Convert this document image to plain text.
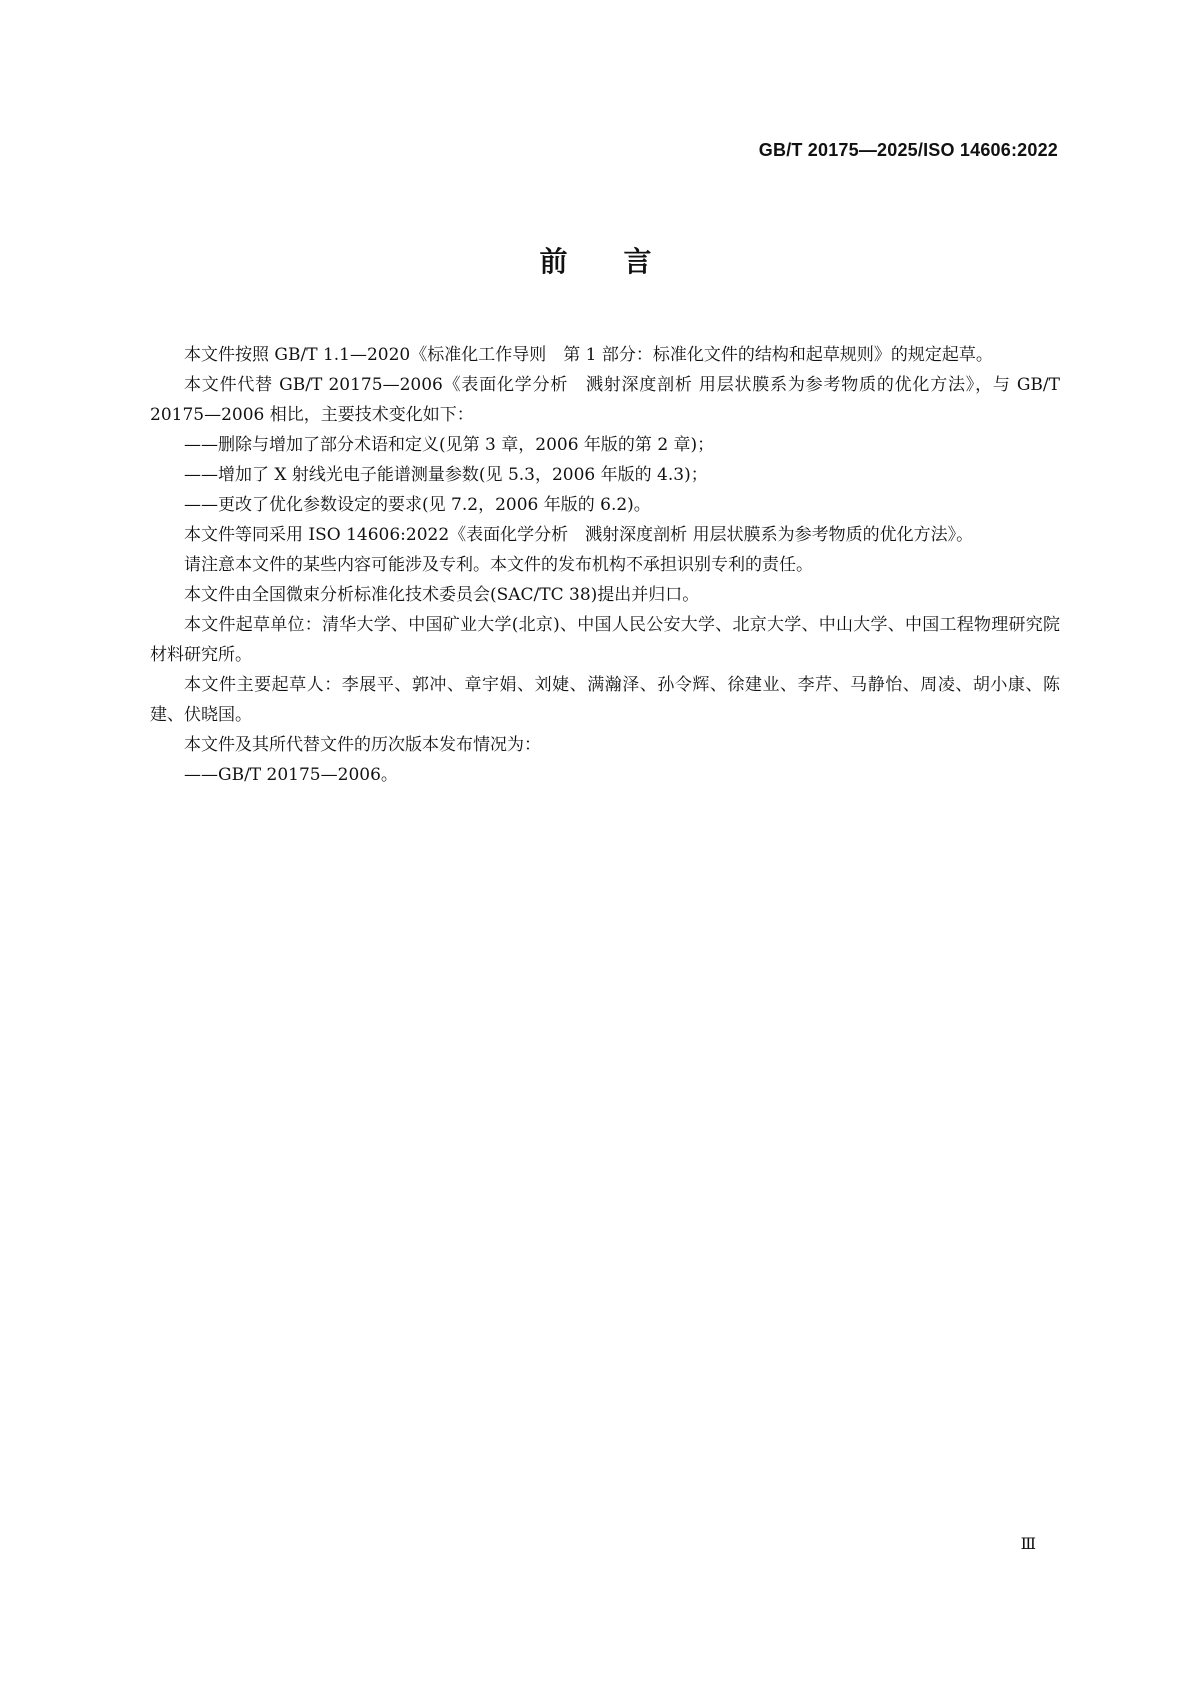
GB/T 20175—2025/ISO 14606:2022
前 言

本文件按照 GB/T 1.1—2020《标准化工作导则　第 1 部分：标准化文件的结构和起草规则》的规定起草。

本文件代替 GB/T 20175—2006《表面化学分析　溅射深度剖析 用层状膜系为参考物质的优化方法》，与 GB/T 20175—2006 相比，主要技术变化如下：

——删除与增加了部分术语和定义(见第 3 章，2006 年版的第 2 章)；

——增加了 X 射线光电子能谱测量参数(见 5.3，2006 年版的 4.3)；

——更改了优化参数设定的要求(见 7.2，2006 年版的 6.2)。

本文件等同采用 ISO 14606:2022《表面化学分析　溅射深度剖析 用层状膜系为参考物质的优化方法》。

请注意本文件的某些内容可能涉及专利。本文件的发布机构不承担识别专利的责任。

本文件由全国微束分析标准化技术委员会(SAC/TC 38)提出并归口。

本文件起草单位：清华大学、中国矿业大学(北京)、中国人民公安大学、北京大学、中山大学、中国工程物理研究院材料研究所。

本文件主要起草人：李展平、郭冲、章宇娟、刘婕、满瀚泽、孙令辉、徐建业、李芹、马静怡、周凌、胡小康、陈建、伏晓国。

本文件及其所代替文件的历次版本发布情况为：

——GB/T 20175—2006。

Ⅲ
